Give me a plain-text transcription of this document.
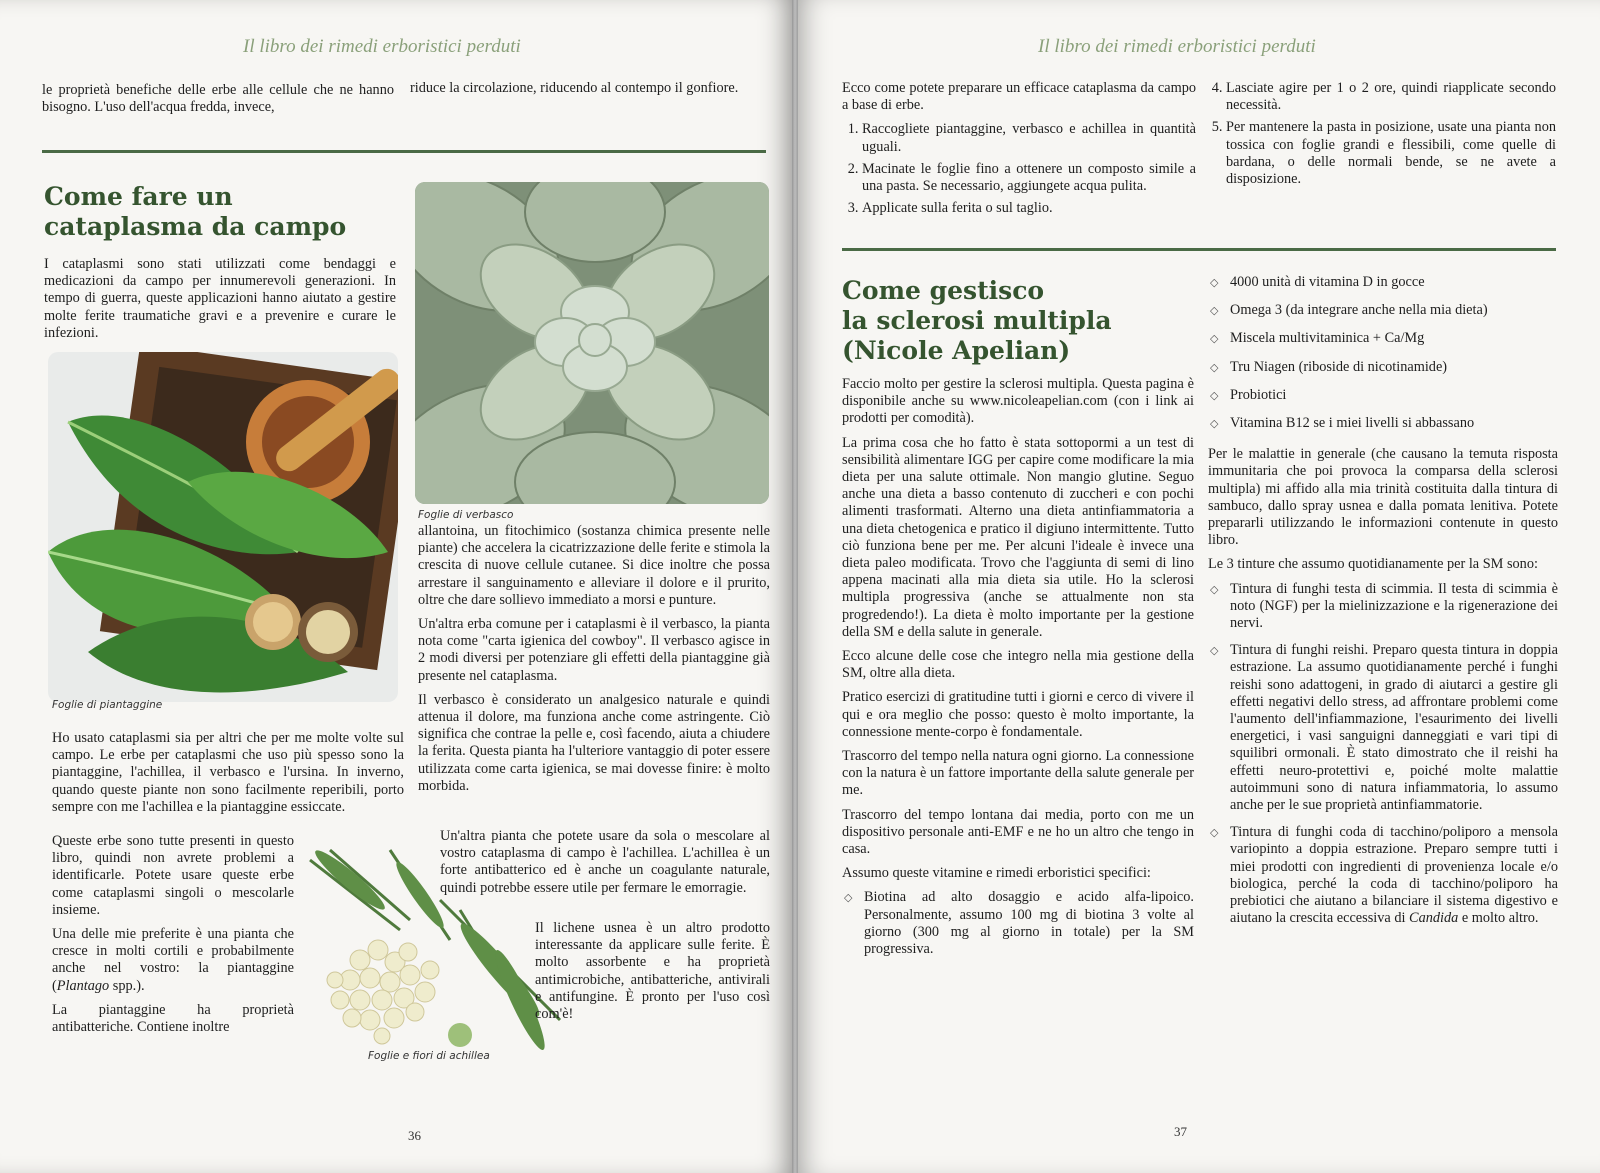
Il libro dei rimedi erboristici perduti
le proprietà benefiche delle erbe alle cellule che ne hanno bisogno. L'uso dell'acqua fredda, invece,
riduce la circolazione, riducendo al contempo il gonfiore.
Come fare un
cataplasma da campo
I cataplasmi sono stati utilizzati come bendaggi e medicazioni da campo per innumerevoli generazioni. In tempo di guerra, queste applicazioni hanno aiutato a gestire molte ferite traumatiche gravi e a prevenire e curare le infezioni.
Foglie di piantaggine
Foglie di verbasco
Foglie e fiori di achillea

Ho usato cataplasmi sia per altri che per me molte volte sul campo. Le erbe per cataplasmi che uso più spesso sono la piantaggine, l'achillea, il verbasco e l'ursina. In inverno, quando queste piante non sono facilmente reperibili, porto sempre con me l'achillea e la piantaggine essiccate.

Queste erbe sono tutte presenti in questo libro, quindi non avrete problemi a identificarle. Potete usare queste erbe come cataplasmi singoli o mescolarle insieme.

Una delle mie preferite è una pianta che cresce in molti cortili e probabilmente anche nel vostro: la piantaggine (Plantago spp.).

La piantaggine ha proprietà antibatteriche. Contiene inoltre

allantoina, un fitochimico (sostanza chimica presente nelle piante) che accelera la cicatrizzazione delle ferite e stimola la crescita di nuove cellule cutanee. Si dice inoltre che possa arrestare il sanguinamento e alleviare il dolore e il prurito, oltre che dare sollievo immediato a morsi e punture.

Un'altra erba comune per i cataplasmi è il verbasco, la pianta nota come "carta igienica del cowboy". Il verbasco agisce in 2 modi diversi per potenziare gli effetti della piantaggine già presente nel cataplasma.

Il verbasco è considerato un analgesico naturale e quindi attenua il dolore, ma funziona anche come astringente. Ciò significa che contrae la pelle e, così facendo, aiuta a chiudere la ferita. Questa pianta ha l'ulteriore vantaggio di poter essere utilizzata come carta igienica, se mai dovesse finire: è molto morbida.

Un'altra pianta che potete usare da sola o mescolare al vostro cataplasma di campo è l'achillea. L'achillea è un forte antibatterico ed è anche un coagulante naturale, quindi potrebbe essere utile per fermare le emorragie.

Il lichene usnea è un altro prodotto interessante da applicare sulle ferite. È molto assorbente e ha proprietà antimicrobiche, antibatteriche, antivirali e antifungine. È pronto per l'uso così com'è!

36
Il libro dei rimedi erboristici perduti

Ecco come potete preparare un efficace cataplasma da campo a base di erbe.

1. Raccogliete piantaggine, verbasco e achillea in quantità uguali.
2. Macinate le foglie fino a ottenere un composto simile a una pasta. Se necessario, aggiungete acqua pulita.
3. Applicate sulla ferita o sul taglio.
4. Lasciate agire per 1 o 2 ore, quindi riapplicate secondo necessità.
5. Per mantenere la pasta in posizione, usate una pianta non tossica con foglie grandi e flessibili, come quelle di bardana, o delle normali bende, se ne avete a disposizione.
Come gestisco
la sclerosi multipla
(Nicole Apelian)

Faccio molto per gestire la sclerosi multipla. Questa pagina è disponibile anche su www.nicoleapelian.com (con i link ai prodotti per comodità).

La prima cosa che ho fatto è stata sottopormi a un test di sensibilità alimentare IGG per capire come modificare la mia dieta per una salute ottimale. Non mangio glutine. Seguo anche una dieta a basso contenuto di zuccheri e con pochi alimenti trasformati. Alterno una dieta antinfiammatoria a una dieta chetogenica e pratico il digiuno intermittente. Tutto ciò funziona bene per me. Per alcuni l'ideale è invece una dieta paleo modificata. Trovo che l'aggiunta di semi di lino appena macinati alla mia dieta sia utile. Ho la sclerosi multipla progressiva (anche se attualmente non sta progredendo!). La dieta è molto importante per la gestione della SM e della salute in generale.

Ecco alcune delle cose che integro nella mia gestione della SM, oltre alla dieta.

Pratico esercizi di gratitudine tutti i giorni e cerco di vivere il qui e ora meglio che posso: questo è molto importante, la connessione mente-corpo è fondamentale.

Trascorro del tempo nella natura ogni giorno. La connessione con la natura è un fattore importante della salute generale per me.

Trascorro del tempo lontana dai media, porto con me un dispositivo personale anti-EMF e ne ho un altro che tengo in casa.

Assumo queste vitamine e rimedi erboristici specifici:

◇ Biotina ad alto dosaggio e acido alfa-lipoico. Personalmente, assumo 100 mg di biotina 3 volte al giorno (300 mg al giorno in totale) per la SM progressiva.
◇ 4000 unità di vitamina D in gocce
◇ Omega 3 (da integrare anche nella mia dieta)
◇ Miscela multivitaminica + Ca/Mg
◇ Tru Niagen (riboside di nicotinamide)
◇ Probiotici
◇ Vitamina B12 se i miei livelli si abbassano

Per le malattie in generale (che causano la temuta risposta immunitaria che poi provoca la comparsa della sclerosi multipla) mi affido alla mia trinità costituita dalla tintura di sambuco, dallo spray usnea e dalla pomata lenitiva. Potete prepararli utilizzando le informazioni contenute in questo libro.

Le 3 tinture che assumo quotidianamente per la SM sono:

◇ Tintura di funghi testa di scimmia. Il testa di scimmia è noto (NGF) per la mielinizzazione e la rigenerazione dei nervi.
◇ Tintura di funghi reishi. Preparo questa tintura in doppia estrazione. La assumo quotidianamente perché i funghi reishi sono adattogeni, in grado di aiutarci a gestire gli effetti negativi dello stress, ad affrontare problemi come l'aumento dell'infiammazione, l'esaurimento dei livelli energetici, i vasi sanguigni danneggiati e vari tipi di squilibri ormonali. È stato dimostrato che il reishi ha effetti neuro-protettivi e, poiché molte malattie autoimmuni sono di natura infiammatoria, lo assumo anche per le sue proprietà antinfiammatorie.
◇ Tintura di funghi coda di tacchino/poliporo a mensola variopinto a doppia estrazione. Preparo sempre tutti i miei prodotti con ingredienti di provenienza locale e/o biologica, perché la coda di tacchino/poliporo ha prebiotici che aiutano a bilanciare il sistema digestivo e aiutano la crescita eccessiva di Candida e molto altro.
37
